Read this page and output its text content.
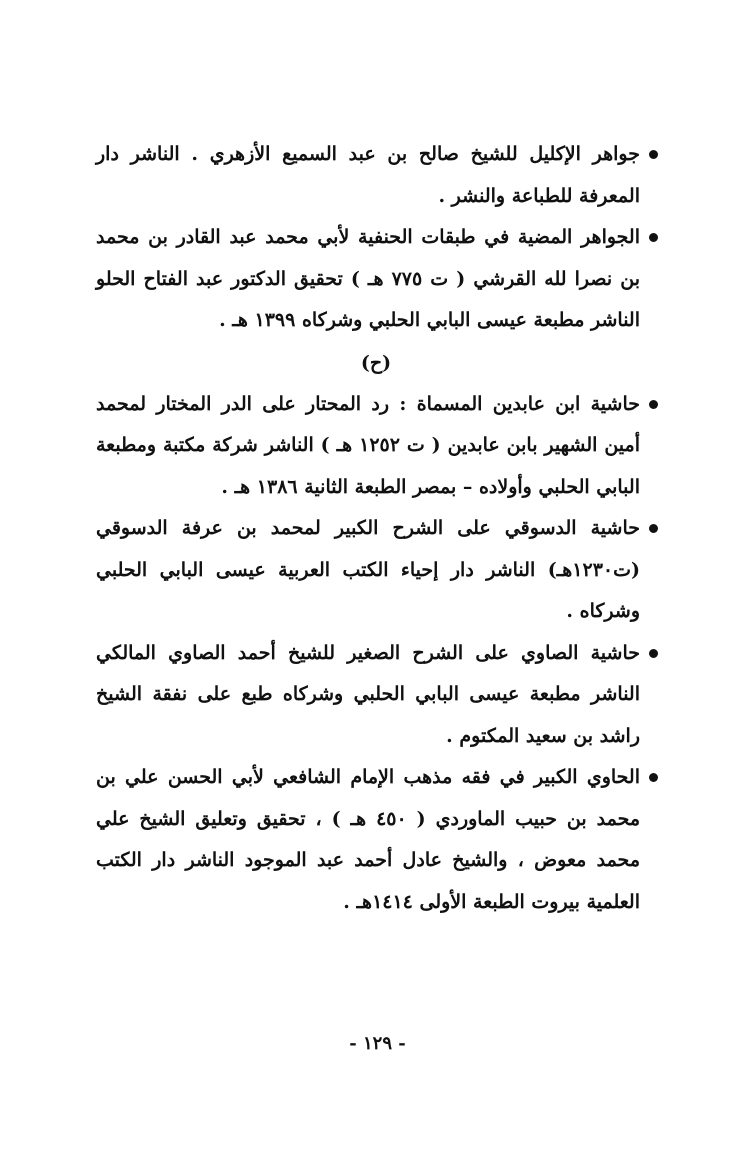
جواهر الإكليل للشيخ صالح بن عبد السميع الأزهري . الناشر دار المعرفة للطباعة والنشر .

الجواهر المضية في طبقات الحنفية لأبي محمد عبد القادر بن محمد بن نصرا لله القرشي ( ت ٧٧٥ هـ ) تحقيق الدكتور عبد الفتاح الحلو الناشر مطبعة عيسى البابي الحلبي وشركاه ١٣٩٩ هـ .

(ح)

حاشية ابن عابدين المسماة : رد المحتار على الدر المختار لمحمد أمين الشهير بابن عابدين ( ت ١٢٥٢ هـ ) الناشر شركة مكتبة ومطبعة البابي الحلبي وأولاده – بمصر الطبعة الثانية ١٣٨٦ هـ .

حاشية الدسوقي على الشرح الكبير لمحمد بن عرفة الدسوقي (ت١٢٣٠هـ) الناشر دار إحياء الكتب العربية عيسى البابي الحلبي وشركاه .

حاشية الصاوي على الشرح الصغير للشيخ أحمد الصاوي المالكي الناشر مطبعة عيسى البابي الحلبي وشركاه طبع على نفقة الشيخ راشد بن سعيد المكتوم .

الحاوي الكبير في فقه مذهب الإمام الشافعي لأبي الحسن علي بن محمد بن حبيب الماوردي ( ٤٥٠ هـ ) ، تحقيق وتعليق الشيخ علي محمد معوض ، والشيخ عادل أحمد عبد الموجود الناشر دار الكتب العلمية بيروت الطبعة الأولى ١٤١٤هـ .

- ١٢٩ -
